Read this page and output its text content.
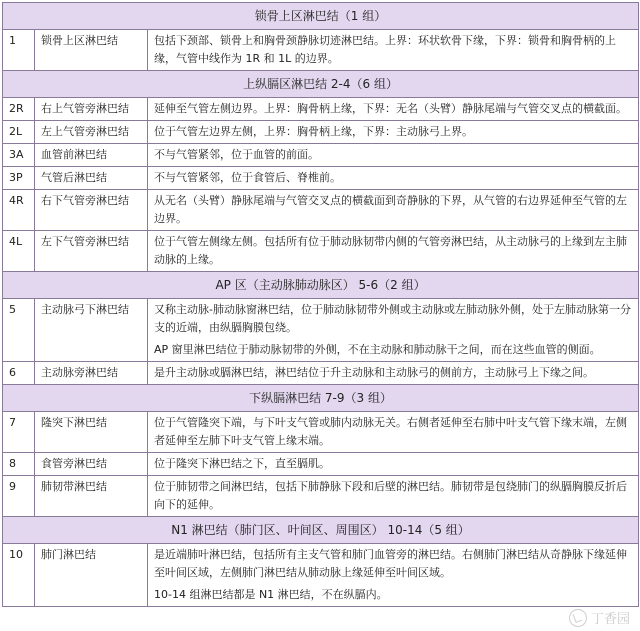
锁骨上区淋巴结（1 组）		
1	锁骨上区淋巴结	包括下颈部、锁骨上和胸骨颈静脉切迹淋巴结。上界：环状软骨下缘，下界：锁骨和胸骨柄的上缘，气管中线作为 1R 和 1L 的边界。
上纵膈区淋巴结 2-4（6 组）		
2R	右上气管旁淋巴结	延伸至气管左侧边界。上界：胸骨柄上缘，下界：无名（头臂）静脉尾端与气管交叉点的横截面。
2L	左上气管旁淋巴结	位于气管左边界左侧，上界：胸骨柄上缘，下界：主动脉弓上界。
3A	血管前淋巴结	不与气管紧邻，位于血管的前面。
3P	气管后淋巴结	不与气管紧邻，位于食管后、脊椎前。
4R	右下气管旁淋巴结	从无名（头臂）静脉尾端与气管交叉点的横截面到奇静脉的下界，从气管的右边界延伸至气管的左边界。
4L	左下气管旁淋巴结	位于气管左侧缘左侧。包括所有位于肺动脉韧带内侧的气管旁淋巴结，从主动脉弓的上缘到左主肺动脉的上缘。
AP 区（主动脉肺动脉区） 5-6（2 组）		
5	主动脉弓下淋巴结	又称主动脉-肺动脉窗淋巴结，位于肺动脉韧带外侧或主动脉或左肺动脉外侧，处于左肺动脉第一分支的近端，由纵膈胸膜包绕。
AP 窗里淋巴结位于肺动脉韧带的外侧，不在主动脉和肺动脉干之间，而在这些血管的侧面。

6	主动脉旁淋巴结	是升主动脉或膈淋巴结，淋巴结位于升主动脉和主动脉弓的侧前方，主动脉弓上下缘之间。
下纵膈淋巴结 7-9（3 组）		
7	隆突下淋巴结	位于气管隆突下端，与下叶支气管或肺内动脉无关。右侧者延伸至右肺中叶支气管下缘末端，左侧者延伸至左肺下叶支气管上缘末端。
8	食管旁淋巴结	位于隆突下淋巴结之下，直至膈肌。
9	肺韧带淋巴结	位于肺韧带之间淋巴结，包括下肺静脉下段和后壁的淋巴结。肺韧带是包绕肺门的纵膈胸膜反折后向下的延伸。
N1 淋巴结（肺门区、叶间区、周围区） 10-14（5 组）		
10	肺门淋巴结	是近端肺叶淋巴结，包括所有主支气管和肺门血管旁的淋巴结。右侧肺门淋巴结从奇静脉下缘延伸至叶间区域，左侧肺门淋巴结从肺动脉上缘延伸至叶间区域。
10-14 组淋巴结都是 N1 淋巴结，不在纵膈内。
丁香园
